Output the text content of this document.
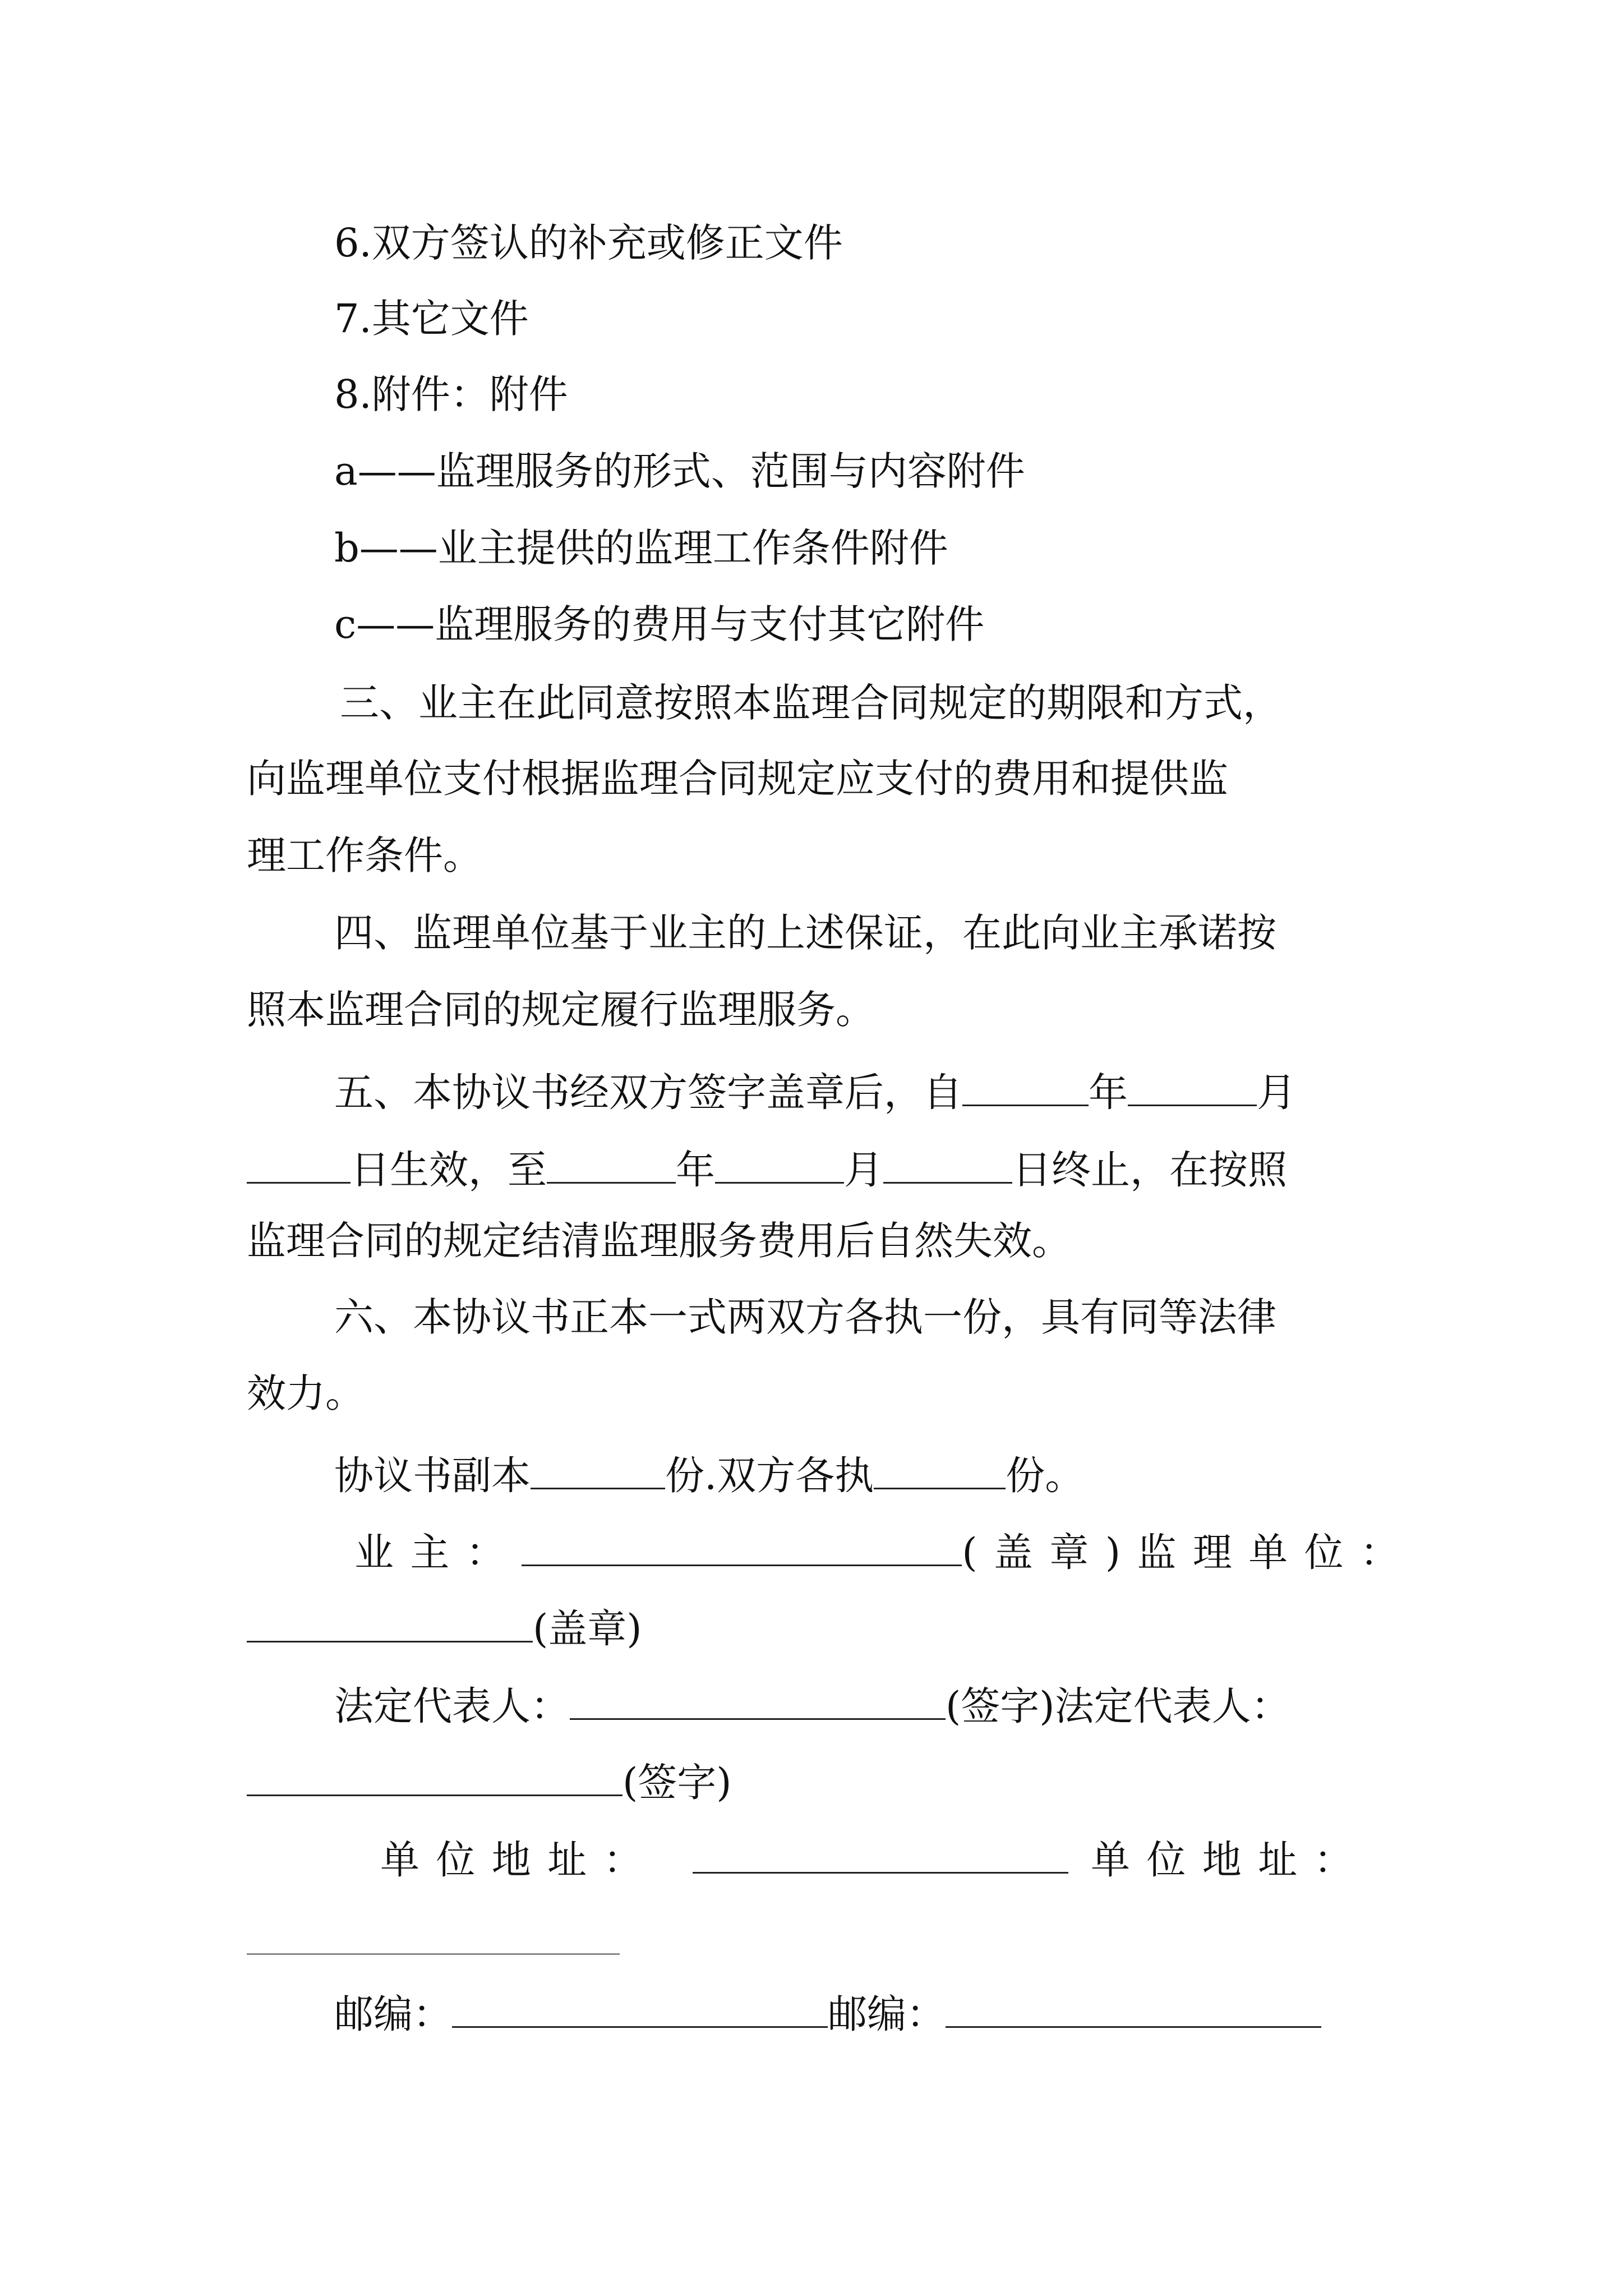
6.双方签认的补充或修正文件
7.其它文件
8.附件：附件
a——监理服务的形式、范围与内容附件
b——业主提供的监理工作条件附件
c——监理服务的费用与支付其它附件
三、业主在此同意按照本监理合同规定的期限和方式，
向监理单位支付根据监理合同规定应支付的费用和提供监
理工作条件。
四、监理单位基于业主的上述保证，在此向业主承诺按
照本监理合同的规定履行监理服务。
五、本协议书经双方签字盖章后，自	年	月
日生效，至	年	月	日终止，在按照
监理合同的规定结清监理服务费用后自然失效。
六、本协议书正本一式两双方各执一份，具有同等法律
效力。
协议书副本	份.双方各执	份。
业主：	(盖章)监理单位：
(盖章)
法定代表人：	(签字)法定代表人：
(签字)
单位地址：	单位地址：
邮编：	邮编：
